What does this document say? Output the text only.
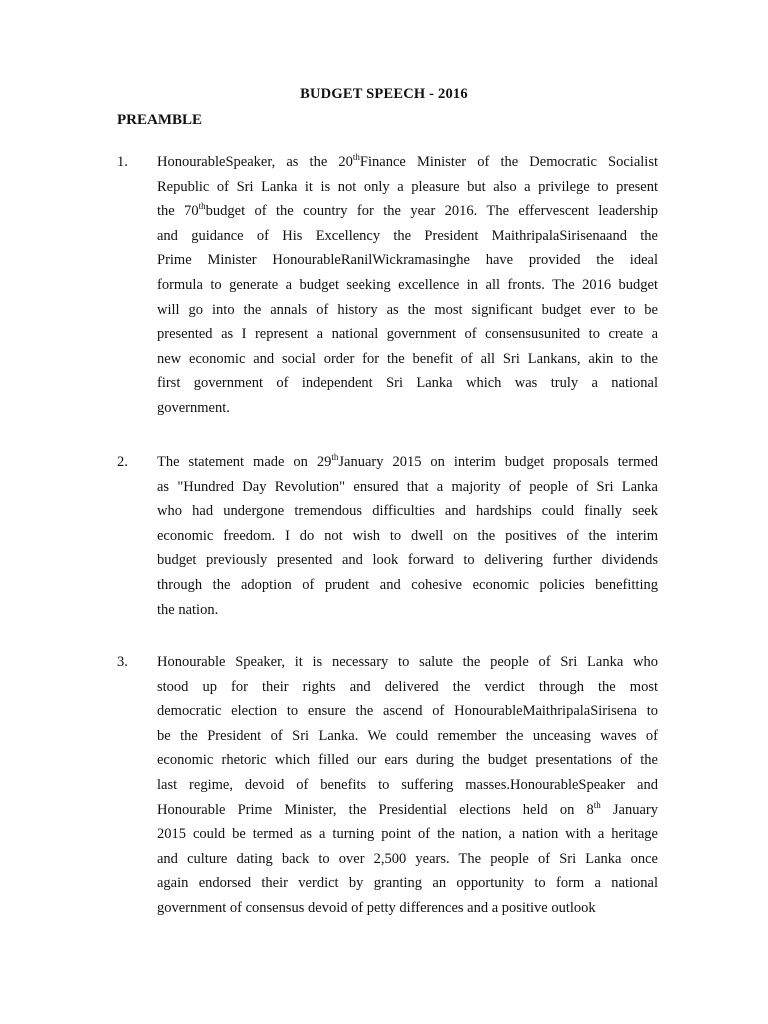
BUDGET SPEECH - 2016
PREAMBLE
1. HonourableSpeaker, as the 20thFinance Minister of the Democratic Socialist
Republic of Sri Lanka it is not only a pleasure but also a privilege to present
the 70thbudget of the country for the year 2016. The effervescent leadership
and guidance of His Excellency the President MaithripalaSirisenaand the
Prime Minister HonourableRanilWickramasinghe have provided the ideal
formula to generate a budget seeking excellence in all fronts. The 2016 budget
will go into the annals of history as the most significant budget ever to be
presented as I represent a national government of consensusunited to create a
new economic and social order for the benefit of all Sri Lankans, akin to the
first government of independent Sri Lanka which was truly a national
government.
2. The statement made on 29thJanuary 2015 on interim budget proposals termed
as "Hundred Day Revolution" ensured that a majority of people of Sri Lanka
who had undergone tremendous difficulties and hardships could finally seek
economic freedom. I do not wish to dwell on the positives of the interim
budget previously presented and look forward to delivering further dividends
through the adoption of prudent and cohesive economic policies benefitting
the nation.
3. Honourable Speaker, it is necessary to salute the people of Sri Lanka who
stood up for their rights and delivered the verdict through the most
democratic election to ensure the ascend of HonourableMaithripalaSirisena to
be the President of Sri Lanka. We could remember the unceasing waves of
economic rhetoric which filled our ears during the budget presentations of the
last regime, devoid of benefits to suffering masses.HonourableSpeaker and
Honourable Prime Minister, the Presidential elections held on 8th January
2015 could be termed as a turning point of the nation, a nation with a heritage
and culture dating back to over 2,500 years. The people of Sri Lanka once
again endorsed their verdict by granting an opportunity to form a national
government of consensus devoid of petty differences and a positive outlook
